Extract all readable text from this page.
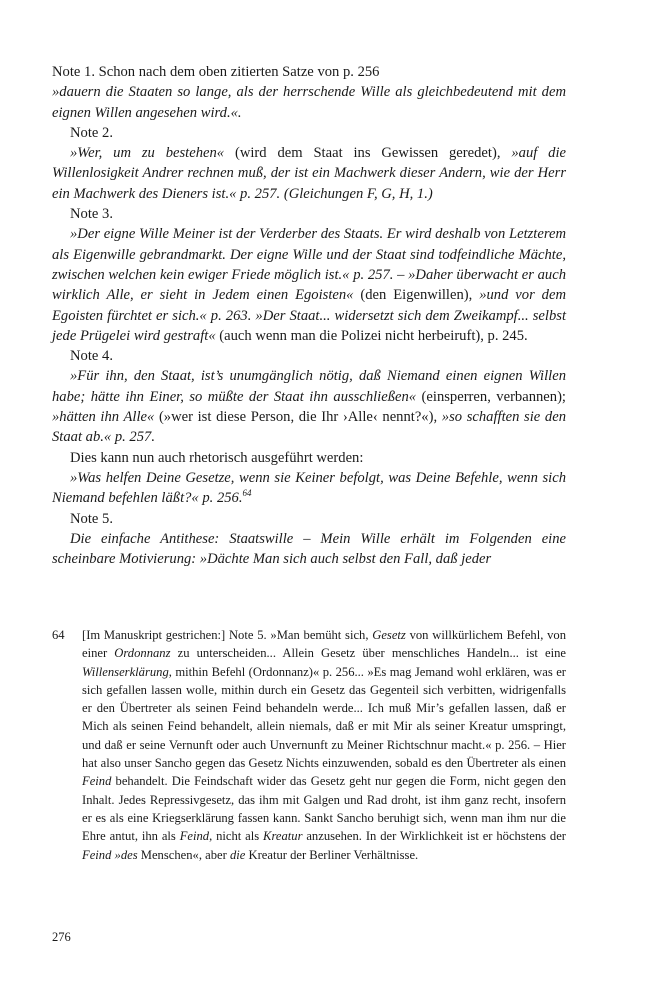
Note 1. Schon nach dem oben zitierten Satze von p. 256

»dauern die Staaten so lange, als der herrschende Wille als gleichbedeutend mit dem eignen Willen angesehen wird.«.

Note 2.

»Wer, um zu bestehen« (wird dem Staat ins Gewissen geredet), »auf die Willenlosigkeit Andrer rechnen muß, der ist ein Machwerk dieser Andern, wie der Herr ein Machwerk des Dieners ist.« p. 257. (Gleichungen F, G, H, 1.)

Note 3.

»Der eigne Wille Meiner ist der Verderber des Staats. Er wird deshalb von Letzterem als Eigenwille gebrandmarkt. Der eigne Wille und der Staat sind todfeindliche Mächte, zwischen welchen kein ewiger Friede möglich ist.« p. 257. – »Daher überwacht er auch wirklich Alle, er sieht in Jedem einen Egoisten« (den Eigenwillen), »und vor dem Egoisten fürchtet er sich.« p. 263. »Der Staat... widersetzt sich dem Zweikampf... selbst jede Prügelei wird gestraft« (auch wenn man die Polizei nicht herbeiruft), p. 245.

Note 4.

»Für ihn, den Staat, ist’s unumgänglich nötig, daß Niemand einen eignen Willen habe; hätte ihn Einer, so müßte der Staat ihn ausschließen« (einsperren, verbannen); »hätten ihn Alle« (»wer ist diese Person, die Ihr ›Alle‹ nennt?«), »so schafften sie den Staat ab.« p. 257.

Dies kann nun auch rhetorisch ausgeführt werden:

»Was helfen Deine Gesetze, wenn sie Keiner befolgt, was Deine Befehle, wenn sich Niemand befehlen läßt?« p. 256.64

Note 5.

Die einfache Antithese: Staatswille – Mein Wille erhält im Folgenden eine scheinbare Motivierung: »Dächte Man sich auch selbst den Fall, daß jeder

64 [Im Manuskript gestrichen:] Note 5. »Man bemüht sich, Gesetz von willkürlichem Befehl, von einer Ordonnanz zu unterscheiden... Allein Gesetz über menschliches Handeln... ist eine Willenserklärung, mithin Befehl (Ordonnanz)« p. 256... »Es mag Jemand wohl erklären, was er sich gefallen lassen wolle, mithin durch ein Gesetz das Gegenteil sich verbitten, widrigenfalls er den Übertreter als seinen Feind behandeln werde... Ich muß Mir’s gefallen lassen, daß er Mich als seinen Feind behandelt, allein niemals, daß er mit Mir als seiner Kreatur umspringt, und daß er seine Vernunft oder auch Unvernunft zu Meiner Richtschnur macht.« p. 256. – Hier hat also unser Sancho gegen das Gesetz Nichts einzuwenden, sobald es den Übertreter als einen Feind behandelt. Die Feindschaft wider das Gesetz geht nur gegen die Form, nicht gegen den Inhalt. Jedes Repressivgesetz, das ihm mit Galgen und Rad droht, ist ihm ganz recht, insofern er es als eine Kriegserklärung fassen kann. Sankt Sancho beruhigt sich, wenn man ihm nur die Ehre antut, ihn als Feind, nicht als Kreatur anzusehen. In der Wirklichkeit ist er höchstens der Feind »des Menschen«, aber die Kreatur der Berliner Verhältnisse.

276
